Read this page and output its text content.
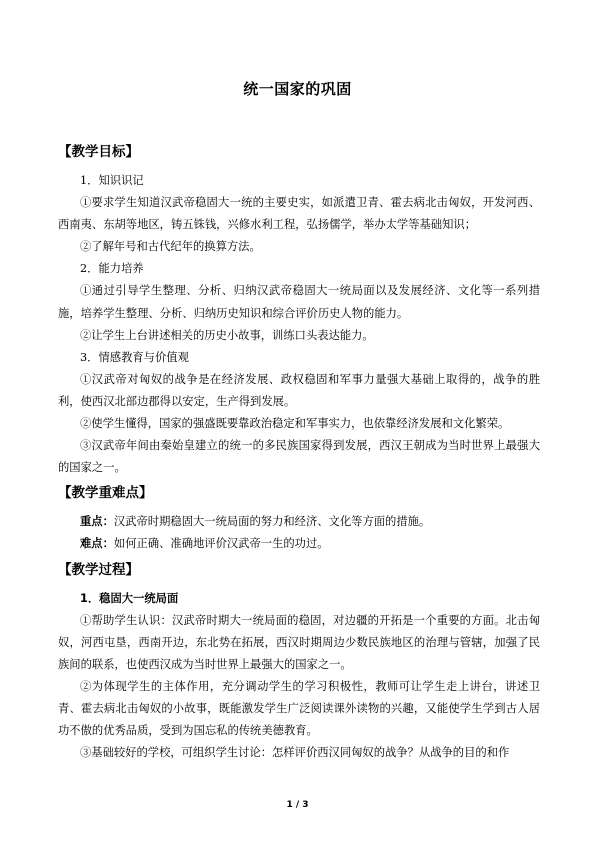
统一国家的巩固
【教学目标】

1．知识识记

①要求学生知道汉武帝稳固大一统的主要史实，如派遣卫青、霍去病北击匈奴，开发河西、西南夷、东胡等地区，铸五铢钱，兴修水利工程，弘扬儒学，举办太学等基础知识；

②了解年号和古代纪年的换算方法。

2．能力培养

①通过引导学生整理、分析、归纳汉武帝稳固大一统局面以及发展经济、文化等一系列措施，培养学生整理、分析、归纳历史知识和综合评价历史人物的能力。

②让学生上台讲述相关的历史小故事，训练口头表达能力。

3．情感教育与价值观

①汉武帝对匈奴的战争是在经济发展、政权稳固和军事力量强大基础上取得的，战争的胜利，使西汉北部边郡得以安定，生产得到发展。

②使学生懂得，国家的强盛既要靠政治稳定和军事实力，也依靠经济发展和文化繁荣。

③汉武帝年间由秦始皇建立的统一的多民族国家得到发展，西汉王朝成为当时世界上最强大的国家之一。

【教学重难点】

重点：汉武帝时期稳固大一统局面的努力和经济、文化等方面的措施。

难点：如何正确、准确地评价汉武帝一生的功过。

【教学过程】

1．稳固大一统局面

①帮助学生认识：汉武帝时期大一统局面的稳固，对边疆的开拓是一个重要的方面。北击匈奴，河西屯垦，西南开边，东北势在拓展，西汉时期周边少数民族地区的治理与管辖，加强了民族间的联系，也使西汉成为当时世界上最强大的国家之一。

②为体现学生的主体作用，充分调动学生的学习积极性，教师可让学生走上讲台，讲述卫青、霍去病北击匈奴的小故事，既能激发学生广泛阅读课外读物的兴趣，又能使学生学到古人居功不傲的优秀品质，受到为国忘私的传统美德教育。

③基础较好的学校，可组织学生讨论：怎样评价西汉同匈奴的战争？从战争的目的和作

1 / 3
